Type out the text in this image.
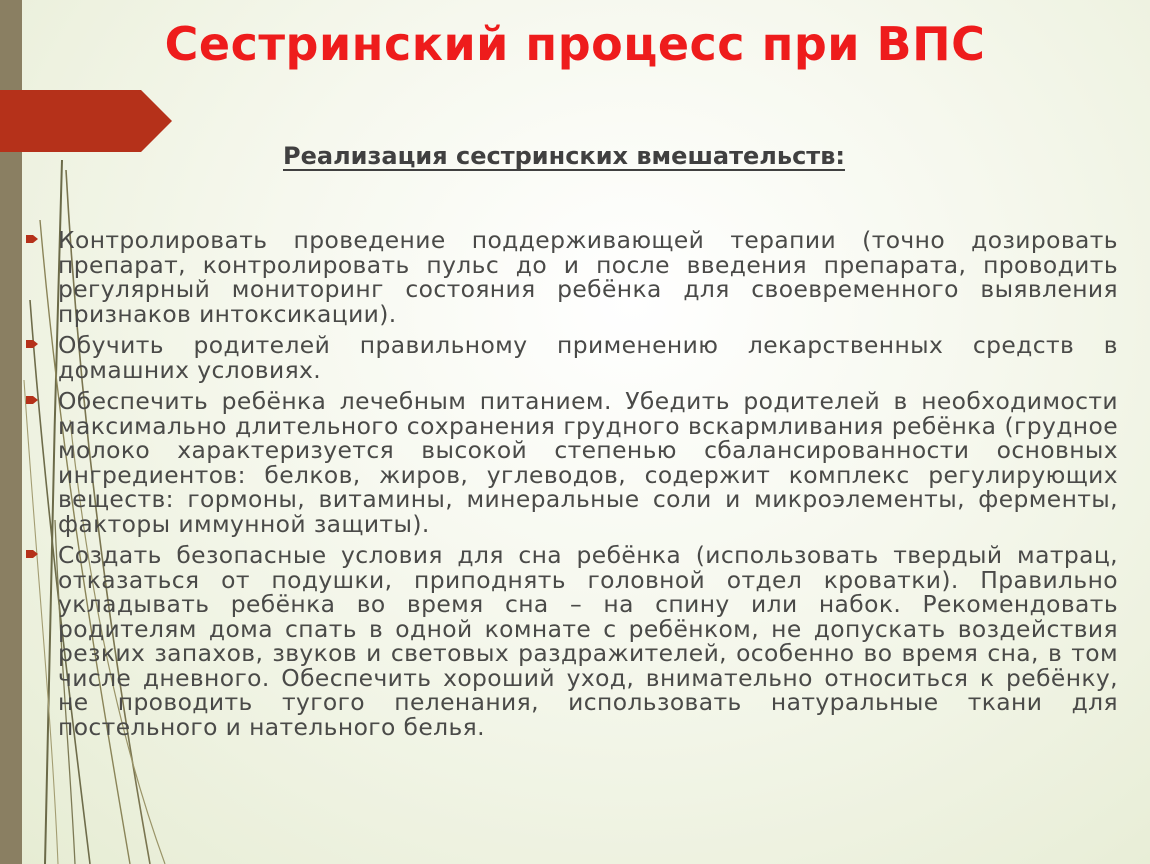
Сестринский процесс при ВПС
Реализация сестринских вмешательств:
Контролировать проведение поддерживающей терапии (точно дозировать препарат, контролировать пульс до и после введения препарата, проводить регулярный мониторинг состояния ребёнка для своевременного выявления признаков интоксикации).
Обучить родителей правильному применению лекарственных средств в домашних условиях.
Обеспечить ребёнка лечебным питанием. Убедить родителей в необходимости максимально длительного сохранения грудного вскармливания ребёнка (грудное молоко характеризуется высокой степенью сбалансированности основных ингредиентов: белков, жиров, углеводов, содержит комплекс регулирующих веществ: гормоны, витамины, минеральные соли и микроэлементы, ферменты, факторы иммунной защиты).
Создать безопасные условия для сна ребёнка (использовать твердый матрац, отказаться от подушки, приподнять головной отдел кроватки). Правильно укладывать ребёнка во время сна – на спину или набок. Рекомендовать родителям дома спать в одной комнате с ребёнком, не допускать воздействия резких запахов, звуков и световых раздражителей, особенно во время сна, в том числе дневного. Обеспечить хороший уход, внимательно относиться к ребёнку, не проводить тугого пеленания, использовать натуральные ткани для постельного и нательного белья.
